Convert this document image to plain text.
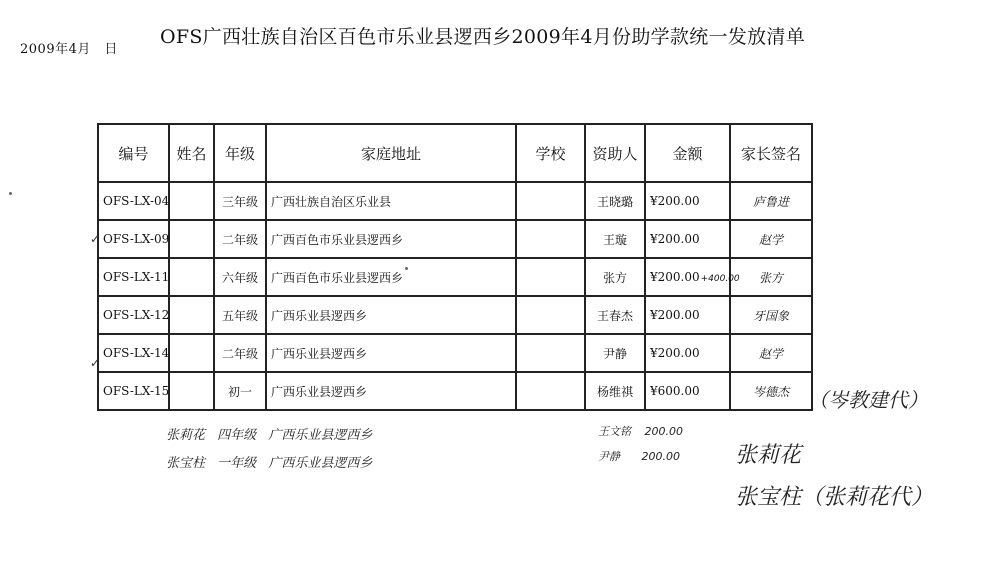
2009年4月　日
OFS广西壮族自治区百色市乐业县逻西乡2009年4月份助学款统一发放清单
编号	姓名	年级	家庭地址	学校	资助人	金额	家长签名
OFS-LX-04		三年级	广西壮族自治区乐业县		王晓璐	¥200.00	庐鲁进
OFS-LX-09		二年级	广西百色市乐业县逻西乡		王璇	¥200.00	赵学
OFS-LX-11		六年级	广西百色市乐业县逻西乡		张方	¥200.00+400.00	张方
OFS-LX-12		五年级	广西乐业县逻西乡		王春杰	¥200.00	牙国象
OFS-LX-14		二年级	广西乐业县逻西乡		尹静	¥200.00	赵学
OFS-LX-15		初一	广西乐业县逻西乡		杨维祺	¥600.00	岑德杰 （岑教建代）
✓
✓
张莉花 四年级 广西乐业县逻西乡
张宝柱 一年级 广西乐业县逻西乡
王文铭 200.00
尹静 200.00	张莉花
张宝柱（张莉花代）
